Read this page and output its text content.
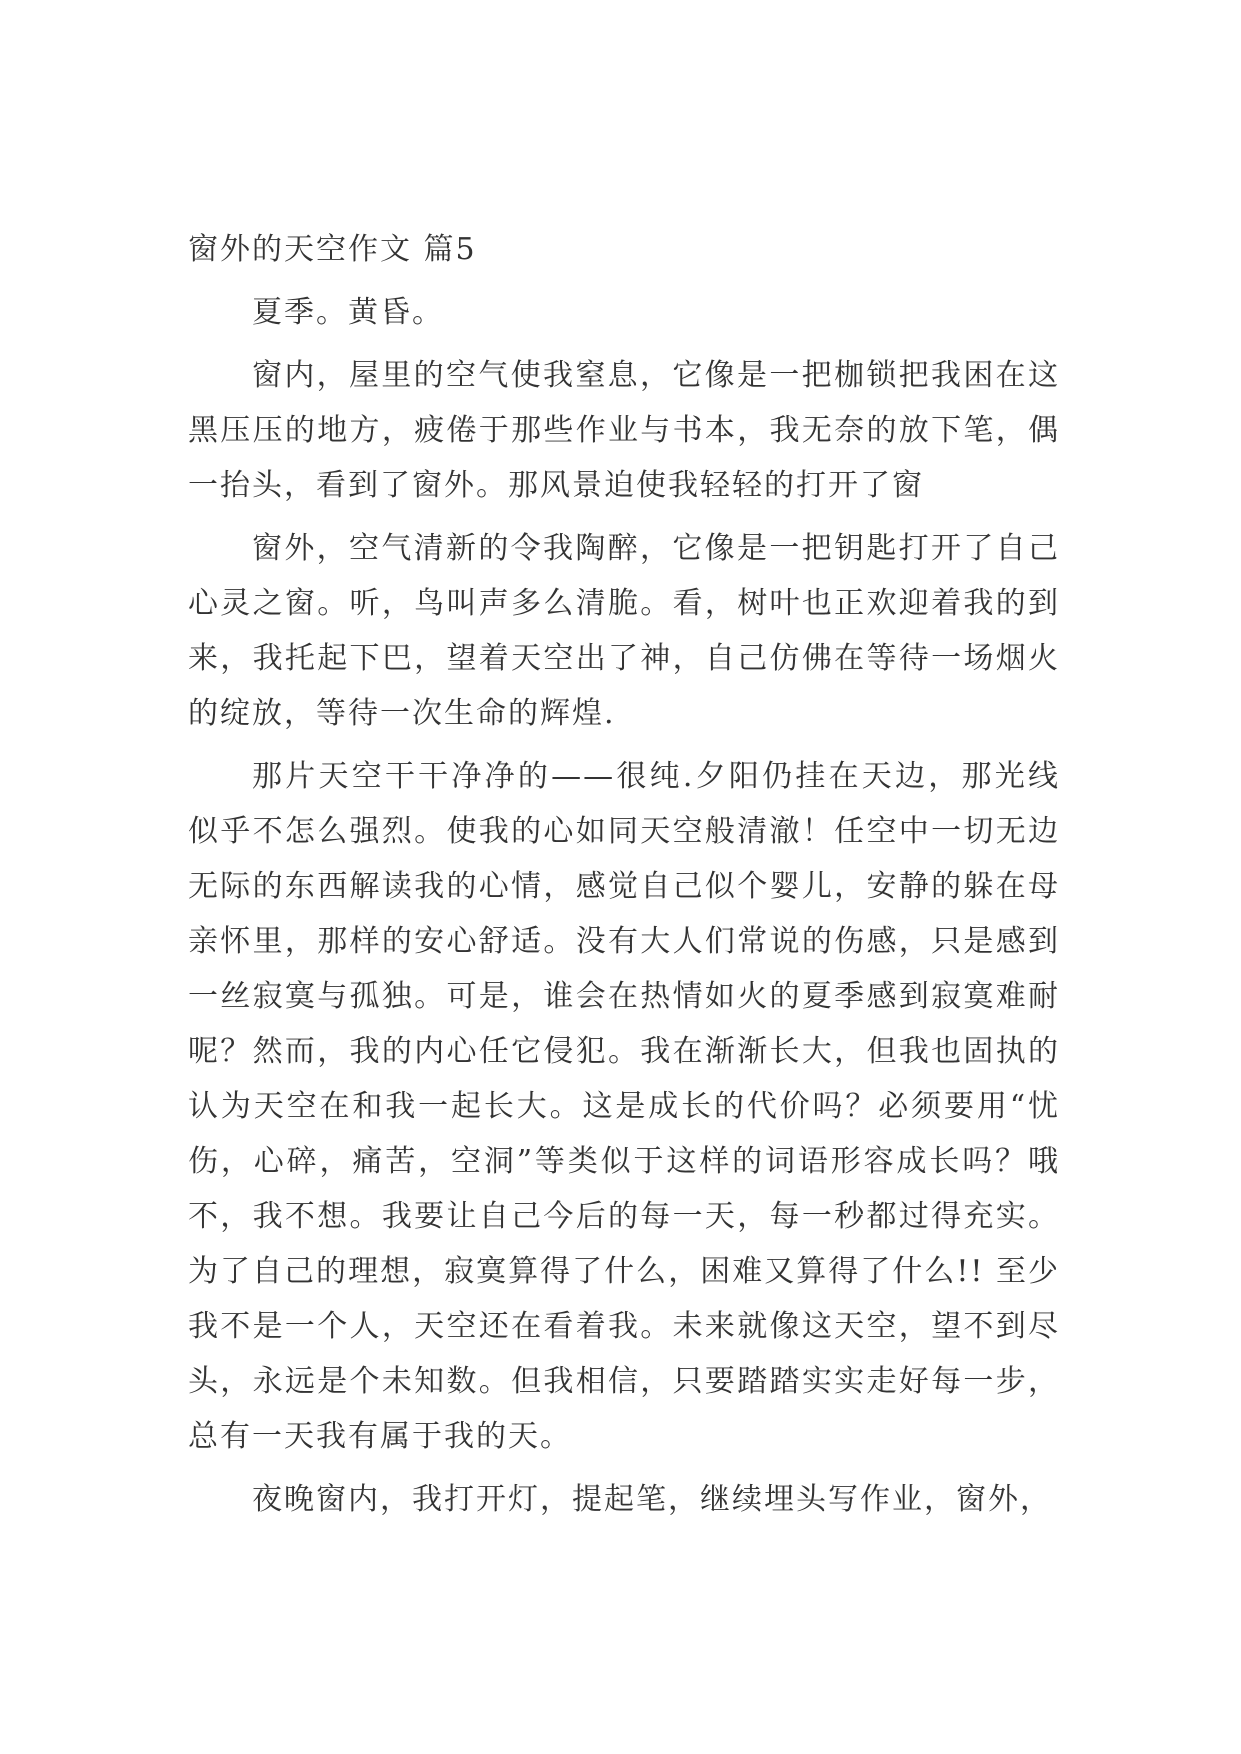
窗外的天空作文 篇5

夏季。黄昏。

窗内，屋里的空气使我窒息，它像是一把枷锁把我困在这黑压压的地方，疲倦于那些作业与书本，我无奈的放下笔，偶一抬头，看到了窗外。那风景迫使我轻轻的打开了窗

窗外，空气清新的令我陶醉，它像是一把钥匙打开了自己心灵之窗。听，鸟叫声多么清脆。看，树叶也正欢迎着我的到来，我托起下巴，望着天空出了神，自己仿佛在等待一场烟火的绽放，等待一次生命的辉煌.

那片天空干干净净的——很纯.夕阳仍挂在天边，那光线似乎不怎么强烈。使我的心如同天空般清澈！任空中一切无边无际的东西解读我的心情，感觉自己似个婴儿，安静的躲在母亲怀里，那样的安心舒适。没有大人们常说的伤感，只是感到一丝寂寞与孤独。可是，谁会在热情如火的夏季感到寂寞难耐呢？然而，我的内心任它侵犯。我在渐渐长大，但我也固执的认为天空在和我一起长大。这是成长的代价吗？必须要用“忧伤，心碎，痛苦，空洞”等类似于这样的词语形容成长吗？哦不，我不想。我要让自己今后的每一天，每一秒都过得充实。为了自己的理想，寂寞算得了什么，困难又算得了什么!! 至少我不是一个人，天空还在看着我。未来就像这天空，望不到尽头，永远是个未知数。但我相信，只要踏踏实实走好每一步，总有一天我有属于我的天。

夜晚窗内，我打开灯，提起笔，继续埋头写作业，窗外，
